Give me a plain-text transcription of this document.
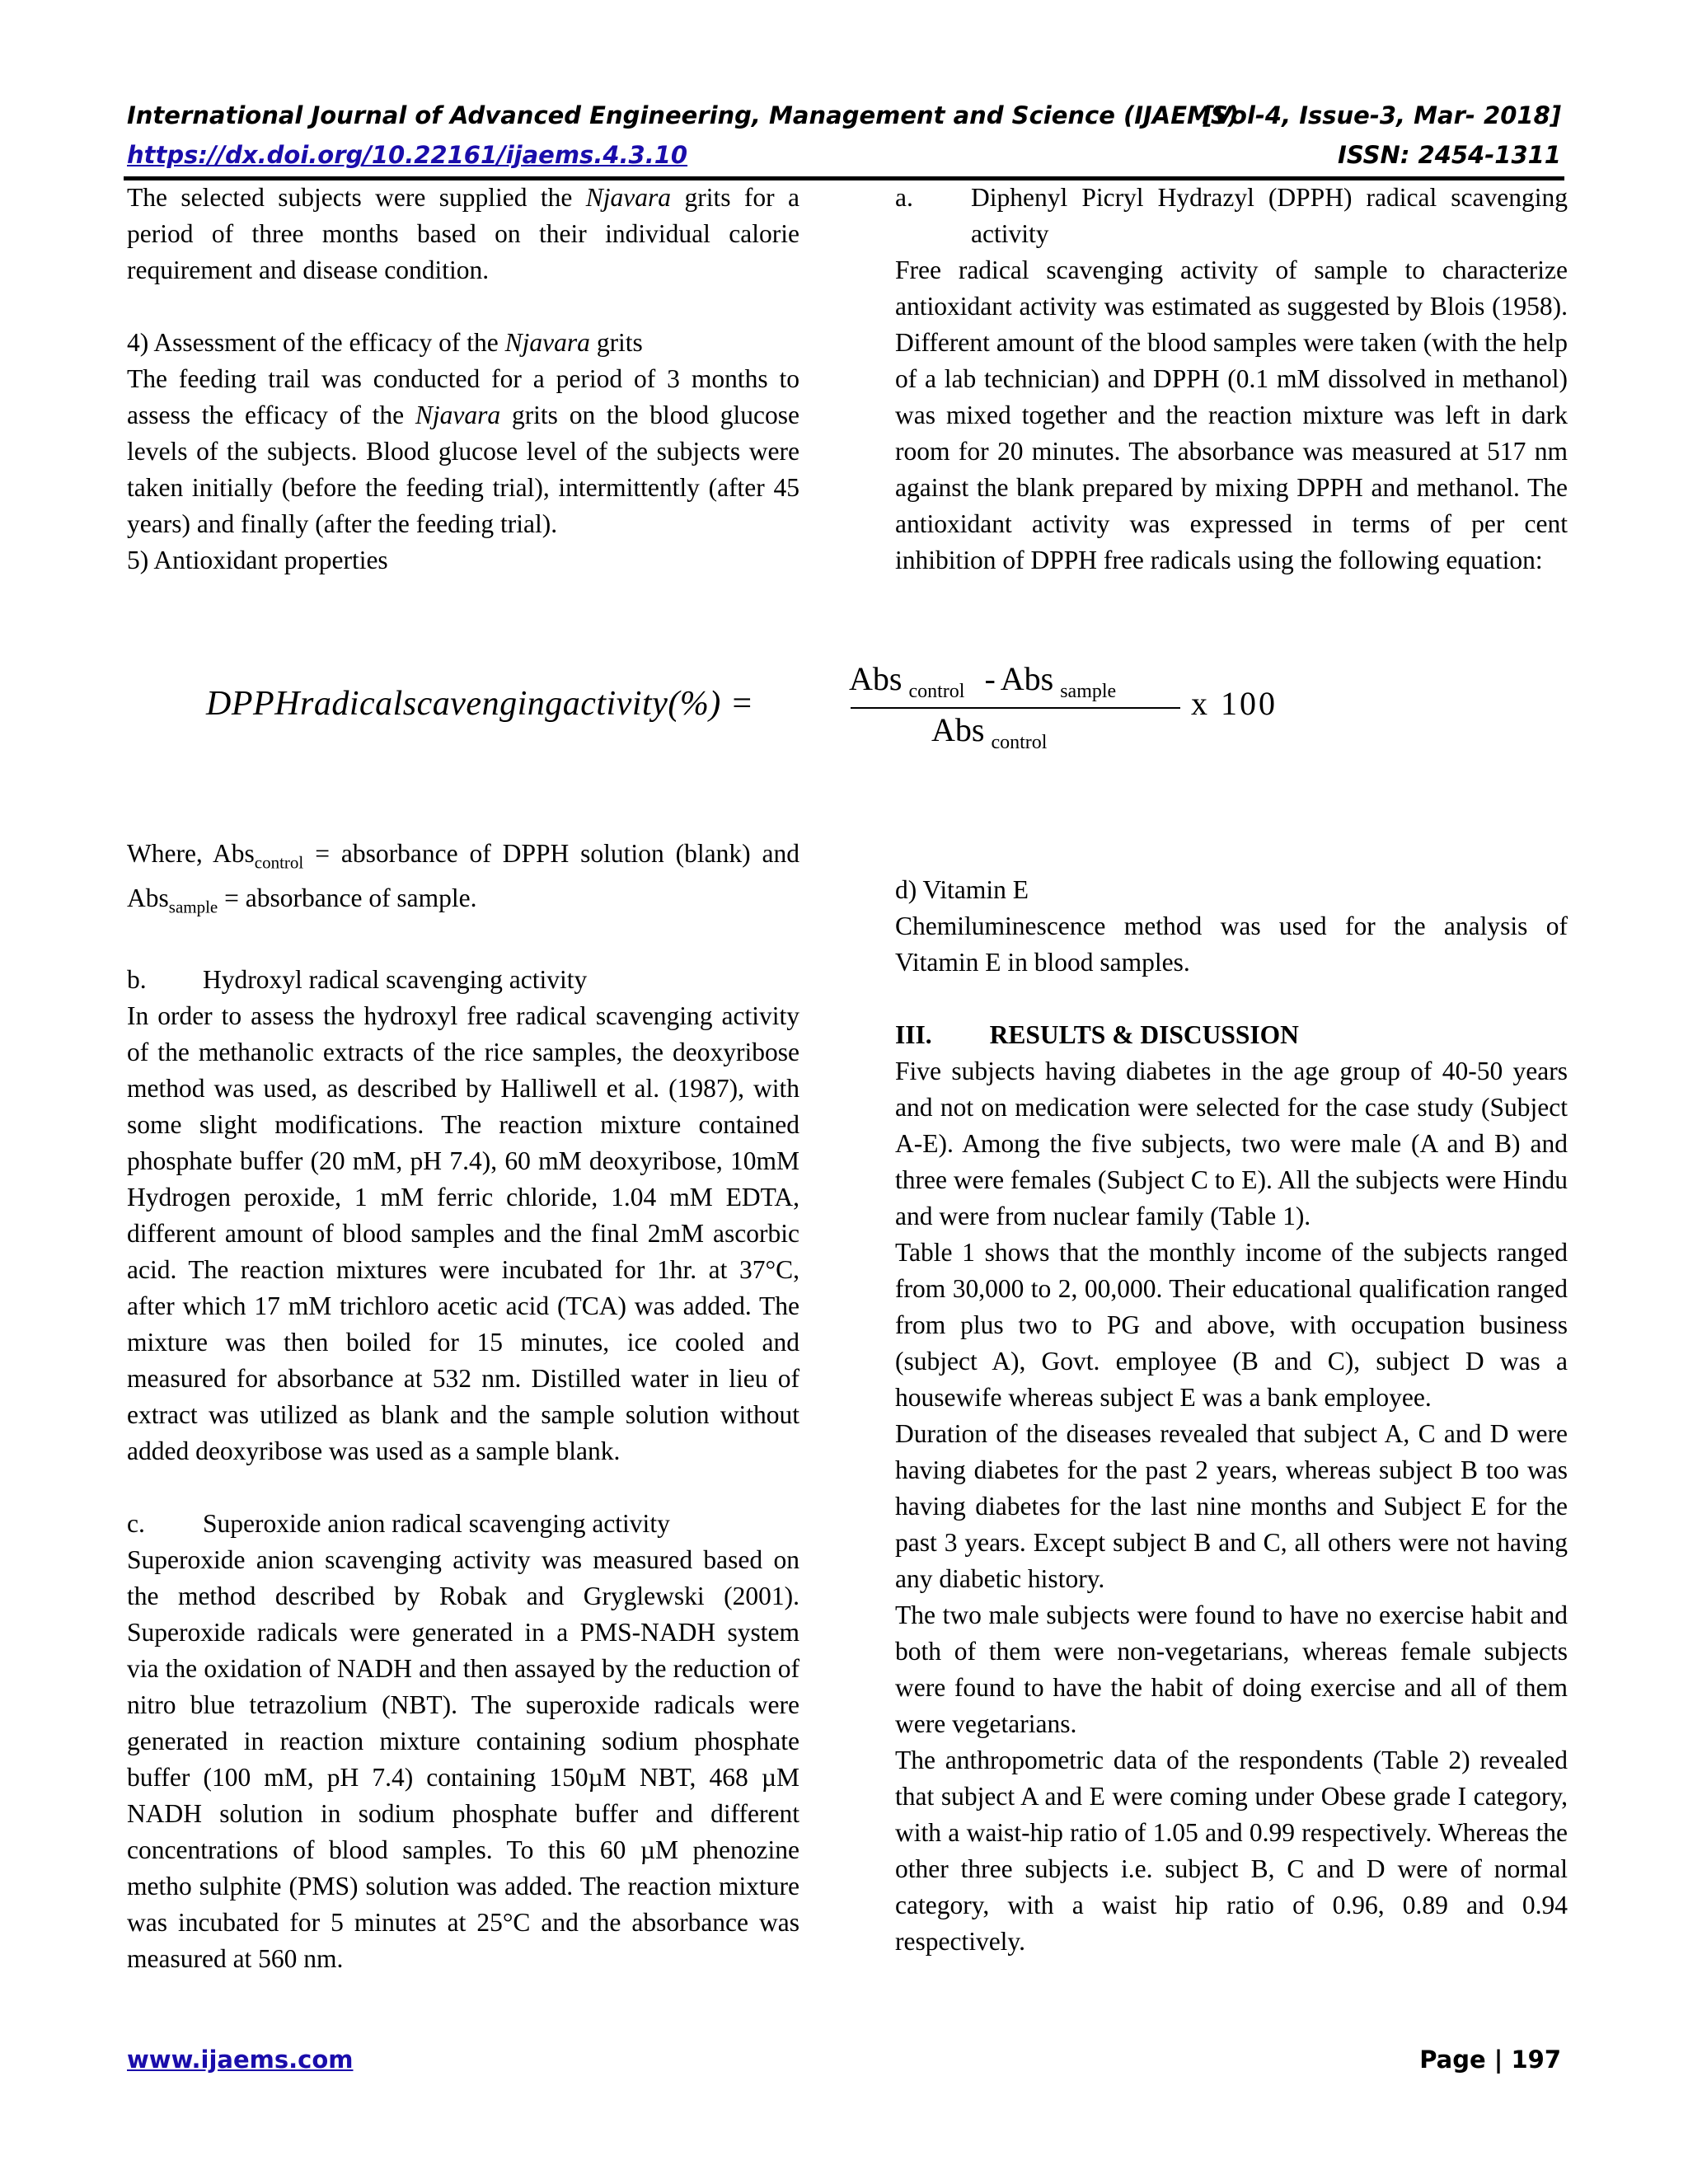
International Journal of Advanced Engineering, Management and Science (IJAEMS)
[Vol-4, Issue-3, Mar- 2018]
https://dx.doi.org/10.22161/ijaems.4.3.10	ISSN: 2454-1311

The selected subjects were supplied the Njavara grits for a period of three months based on their individual calorie requirement and disease condition.

4) Assessment of the efficacy of the Njavara grits

The feeding trail was conducted for a period of 3 months to assess the efficacy of the Njavara grits on the blood glucose levels of the subjects. Blood glucose level of the subjects were taken initially (before the feeding trial), intermittently (after 45 years) and finally (after the feeding trial).

5) Antioxidant properties

a.	Diphenyl Picryl Hydrazyl (DPPH) radical scavenging activity

Free radical scavenging activity of sample to characterize antioxidant activity was estimated as suggested by Blois (1958). Different amount of the blood samples were taken (with the help of a lab technician) and DPPH (0.1 mM dissolved in methanol) was mixed together and the reaction mixture was left in dark room for 20 minutes. The absorbance was measured at 517 nm against the blank prepared by mixing DPPH and methanol. The antioxidant activity was expressed in terms of per cent inhibition of DPPH free radicals using the following equation:

DPPHradicalscavengingactivity(%) =
Abs $_{control}$ - Abs $_{sample}$
Abs $_{control}$
x 100

Where, Abs$_{control}$ = absorbance of DPPH solution (blank) and Abs$_{sample}$ = absorbance of sample.

b.	Hydroxyl radical scavenging activity

In order to assess the hydroxyl free radical scavenging activity of the methanolic extracts of the rice samples, the deoxyribose method was used, as described by Halliwell et al. (1987), with some slight modifications. The reaction mixture contained phosphate buffer (20 mM, pH 7.4), 60 mM deoxyribose, 10mM Hydrogen peroxide, 1 mM ferric chloride, 1.04 mM EDTA, different amount of blood samples and the final 2mM ascorbic acid. The reaction mixtures were incubated for 1hr. at 37°C, after which 17 mM trichloro acetic acid (TCA) was added. The mixture was then boiled for 15 minutes, ice cooled and measured for absorbance at 532 nm. Distilled water in lieu of extract was utilized as blank and the sample solution without added deoxyribose was used as a sample blank.

c.	Superoxide anion radical scavenging activity

Superoxide anion scavenging activity was measured based on the method described by Robak and Gryglewski (2001). Superoxide radicals were generated in a PMS-NADH system via the oxidation of NADH and then assayed by the reduction of nitro blue tetrazolium (NBT). The superoxide radicals were generated in reaction mixture containing sodium phosphate buffer (100 mM, pH 7.4) containing 150µM NBT, 468 µM NADH solution in sodium phosphate buffer and different concentrations of blood samples. To this 60 µM phenozine metho sulphite (PMS) solution was added. The reaction mixture was incubated for 5 minutes at 25°C and the absorbance was measured at 560 nm.

d) Vitamin E

Chemiluminescence method was used for the analysis of Vitamin E in blood samples.

III. RESULTS & DISCUSSION

Five subjects having diabetes in the age group of 40-50 years and not on medication were selected for the case study (Subject A-E). Among the five subjects, two were male (A and B) and three were females (Subject C to E). All the subjects were Hindu and were from nuclear family (Table 1).

Table 1 shows that the monthly income of the subjects ranged from 30,000 to 2, 00,000. Their educational qualification ranged from plus two to PG and above, with occupation business (subject A), Govt. employee (B and C), subject D was a housewife whereas subject E was a bank employee.

Duration of the diseases revealed that subject A, C and D were having diabetes for the past 2 years, whereas subject B too was having diabetes for the last nine months and Subject E for the past 3 years. Except subject B and C, all others were not having any diabetic history.

The two male subjects were found to have no exercise habit and both of them were non-vegetarians, whereas female subjects were found to have the habit of doing exercise and all of them were vegetarians.

The anthropometric data of the respondents (Table 2) revealed that subject A and E were coming under Obese grade I category, with a waist-hip ratio of 1.05 and 0.99 respectively. Whereas the other three subjects i.e. subject B, C and D were of normal category, with a waist hip ratio of 0.96, 0.89 and 0.94 respectively.

www.ijaems.com	Page | 197
